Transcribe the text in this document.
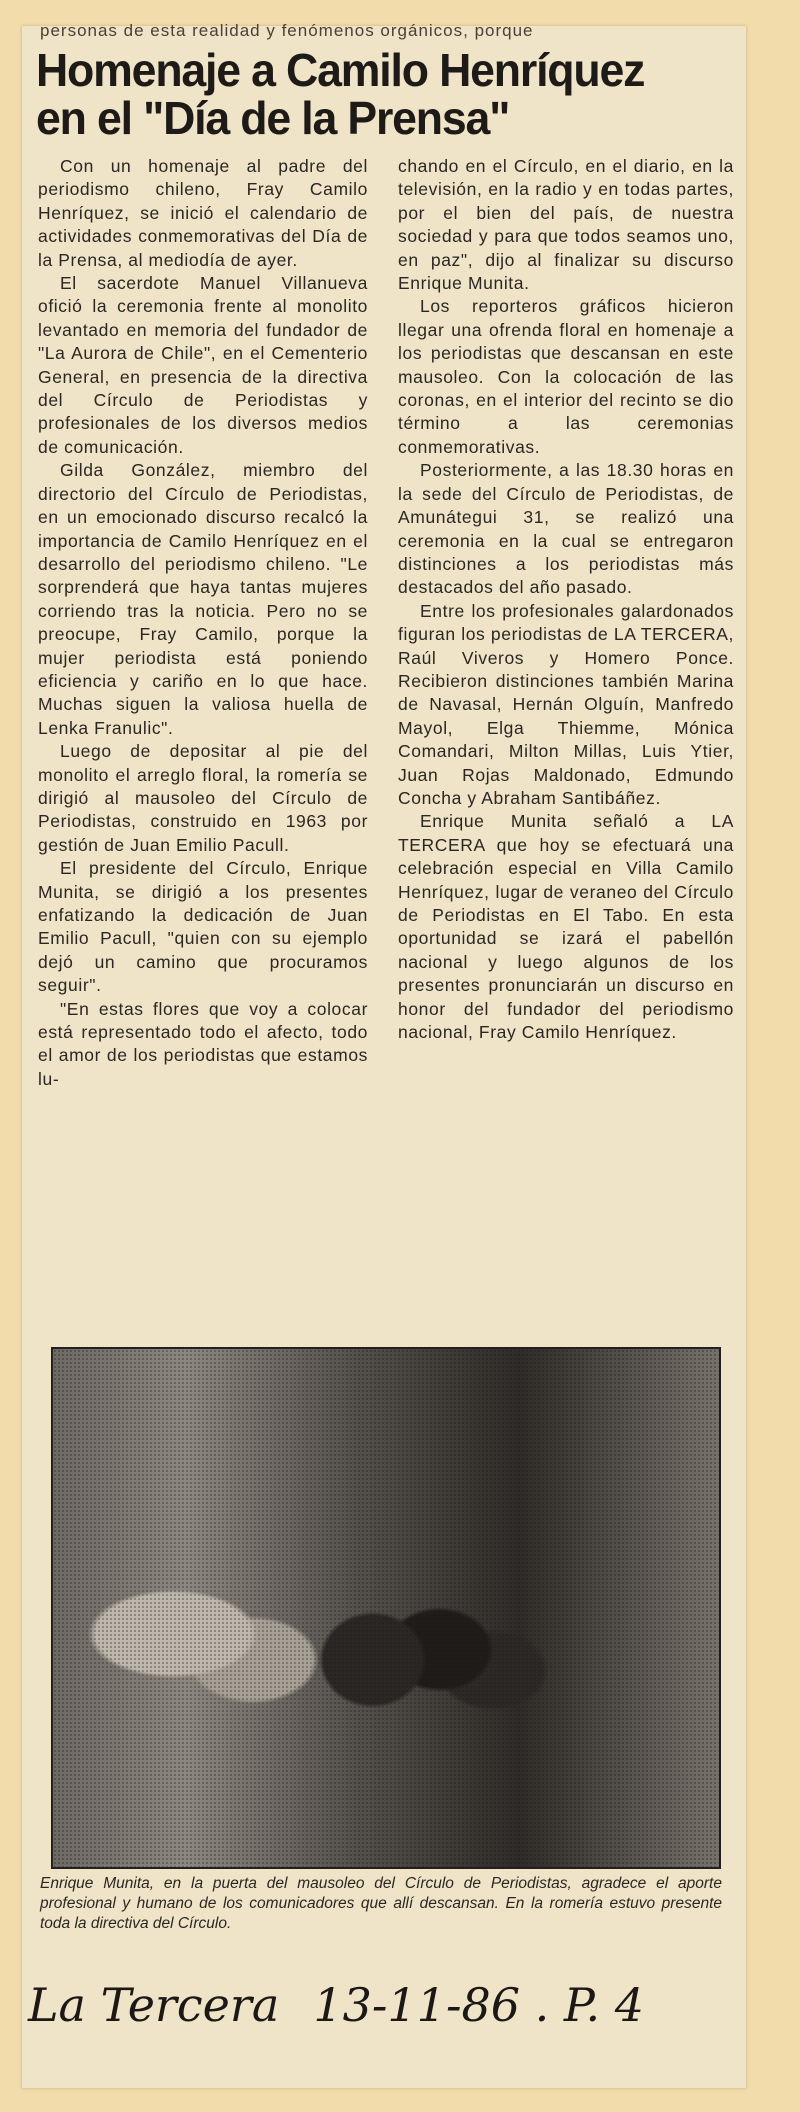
personas de esta realidad y fenómenos orgánicos, porque
Homenaje a Camilo Henríquez
en el "Día de la Prensa"

Con un homenaje al padre del periodismo chileno, Fray Camilo Henríquez, se inició el calendario de actividades conmemorativas del Día de la Prensa, al mediodía de ayer.

El sacerdote Manuel Villanueva ofició la ceremonia frente al monolito levantado en memoria del fundador de "La Aurora de Chile", en el Cementerio General, en presencia de la directiva del Círculo de Periodistas y profesionales de los diversos medios de comunicación.

Gilda González, miembro del directorio del Círculo de Periodistas, en un emocionado discurso recalcó la importancia de Camilo Henríquez en el desarrollo del periodismo chileno. "Le sorprenderá que haya tantas mujeres corriendo tras la noticia. Pero no se preocupe, Fray Camilo, porque la mujer periodista está poniendo eficiencia y cariño en lo que hace. Muchas siguen la valiosa huella de Lenka Franulic".

Luego de depositar al pie del monolito el arreglo floral, la romería se dirigió al mausoleo del Círculo de Periodistas, construido en 1963 por gestión de Juan Emilio Pacull.

El presidente del Círculo, Enrique Munita, se dirigió a los presentes enfatizando la dedicación de Juan Emilio Pacull, "quien con su ejemplo dejó un camino que procuramos seguir".

"En estas flores que voy a colocar está representado todo el afecto, todo el amor de los periodistas que estamos lu-

chando en el Círculo, en el diario, en la televisión, en la radio y en todas partes, por el bien del país, de nuestra sociedad y para que todos seamos uno, en paz", dijo al finalizar su discurso Enrique Munita.

Los reporteros gráficos hicieron llegar una ofrenda floral en homenaje a los periodistas que descansan en este mausoleo. Con la colocación de las coronas, en el interior del recinto se dio término a las ceremonias conmemorativas.

Posteriormente, a las 18.30 horas en la sede del Círculo de Periodistas, de Amunátegui 31, se realizó una ceremonia en la cual se entregaron distinciones a los periodistas más destacados del año pasado.

Entre los profesionales galardonados figuran los periodistas de LA TERCERA, Raúl Viveros y Homero Ponce. Recibieron distinciones también Marina de Navasal, Hernán Olguín, Manfredo Mayol, Elga Thiemme, Mónica Comandari, Milton Millas, Luis Ytier, Juan Rojas Maldonado, Edmundo Concha y Abraham Santibáñez.

Enrique Munita señaló a LA TERCERA que hoy se efectuará una celebración especial en Villa Camilo Henríquez, lugar de veraneo del Círculo de Periodistas en El Tabo. En esta oportunidad se izará el pabellón nacional y luego algunos de los presentes pronunciarán un discurso en honor del fundador del periodismo nacional, Fray Camilo Henríquez.

Enrique Munita, en la puerta del mausoleo del Círculo de Periodistas, agradece el aporte profesional y humano de los comunicadores que allí descansan. En la romería estuvo presente toda la directiva del Círculo.

La Tercera 13-11-86 . P. 4
